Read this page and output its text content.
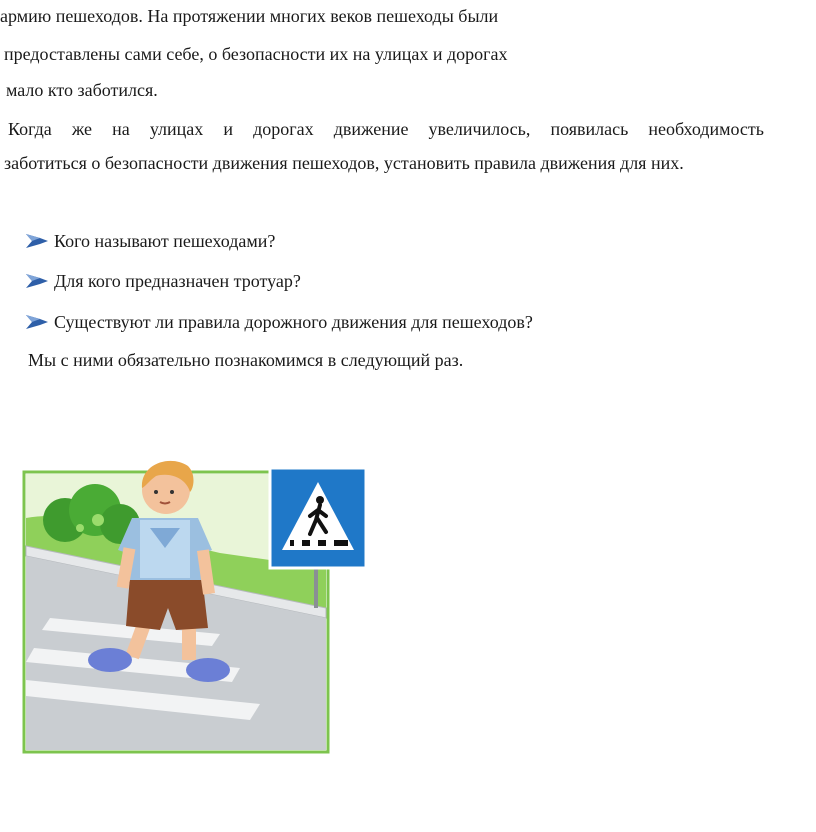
армию пешеходов. На протяжении многих веков пешеходы были
предоставлены сами себе, о безопасности их на улицах и дорогах
мало кто заботился.
Когда же на улицах и дорогах движение увеличилось, появилась необходимость
заботиться о безопасности движения пешеходов, установить правила движения для них.
Кого называют пешеходами?
Для кого предназначен тротуар?
Существуют ли правила дорожного движения для пешеходов?
Мы с ними обязательно познакомимся в следующий раз.
